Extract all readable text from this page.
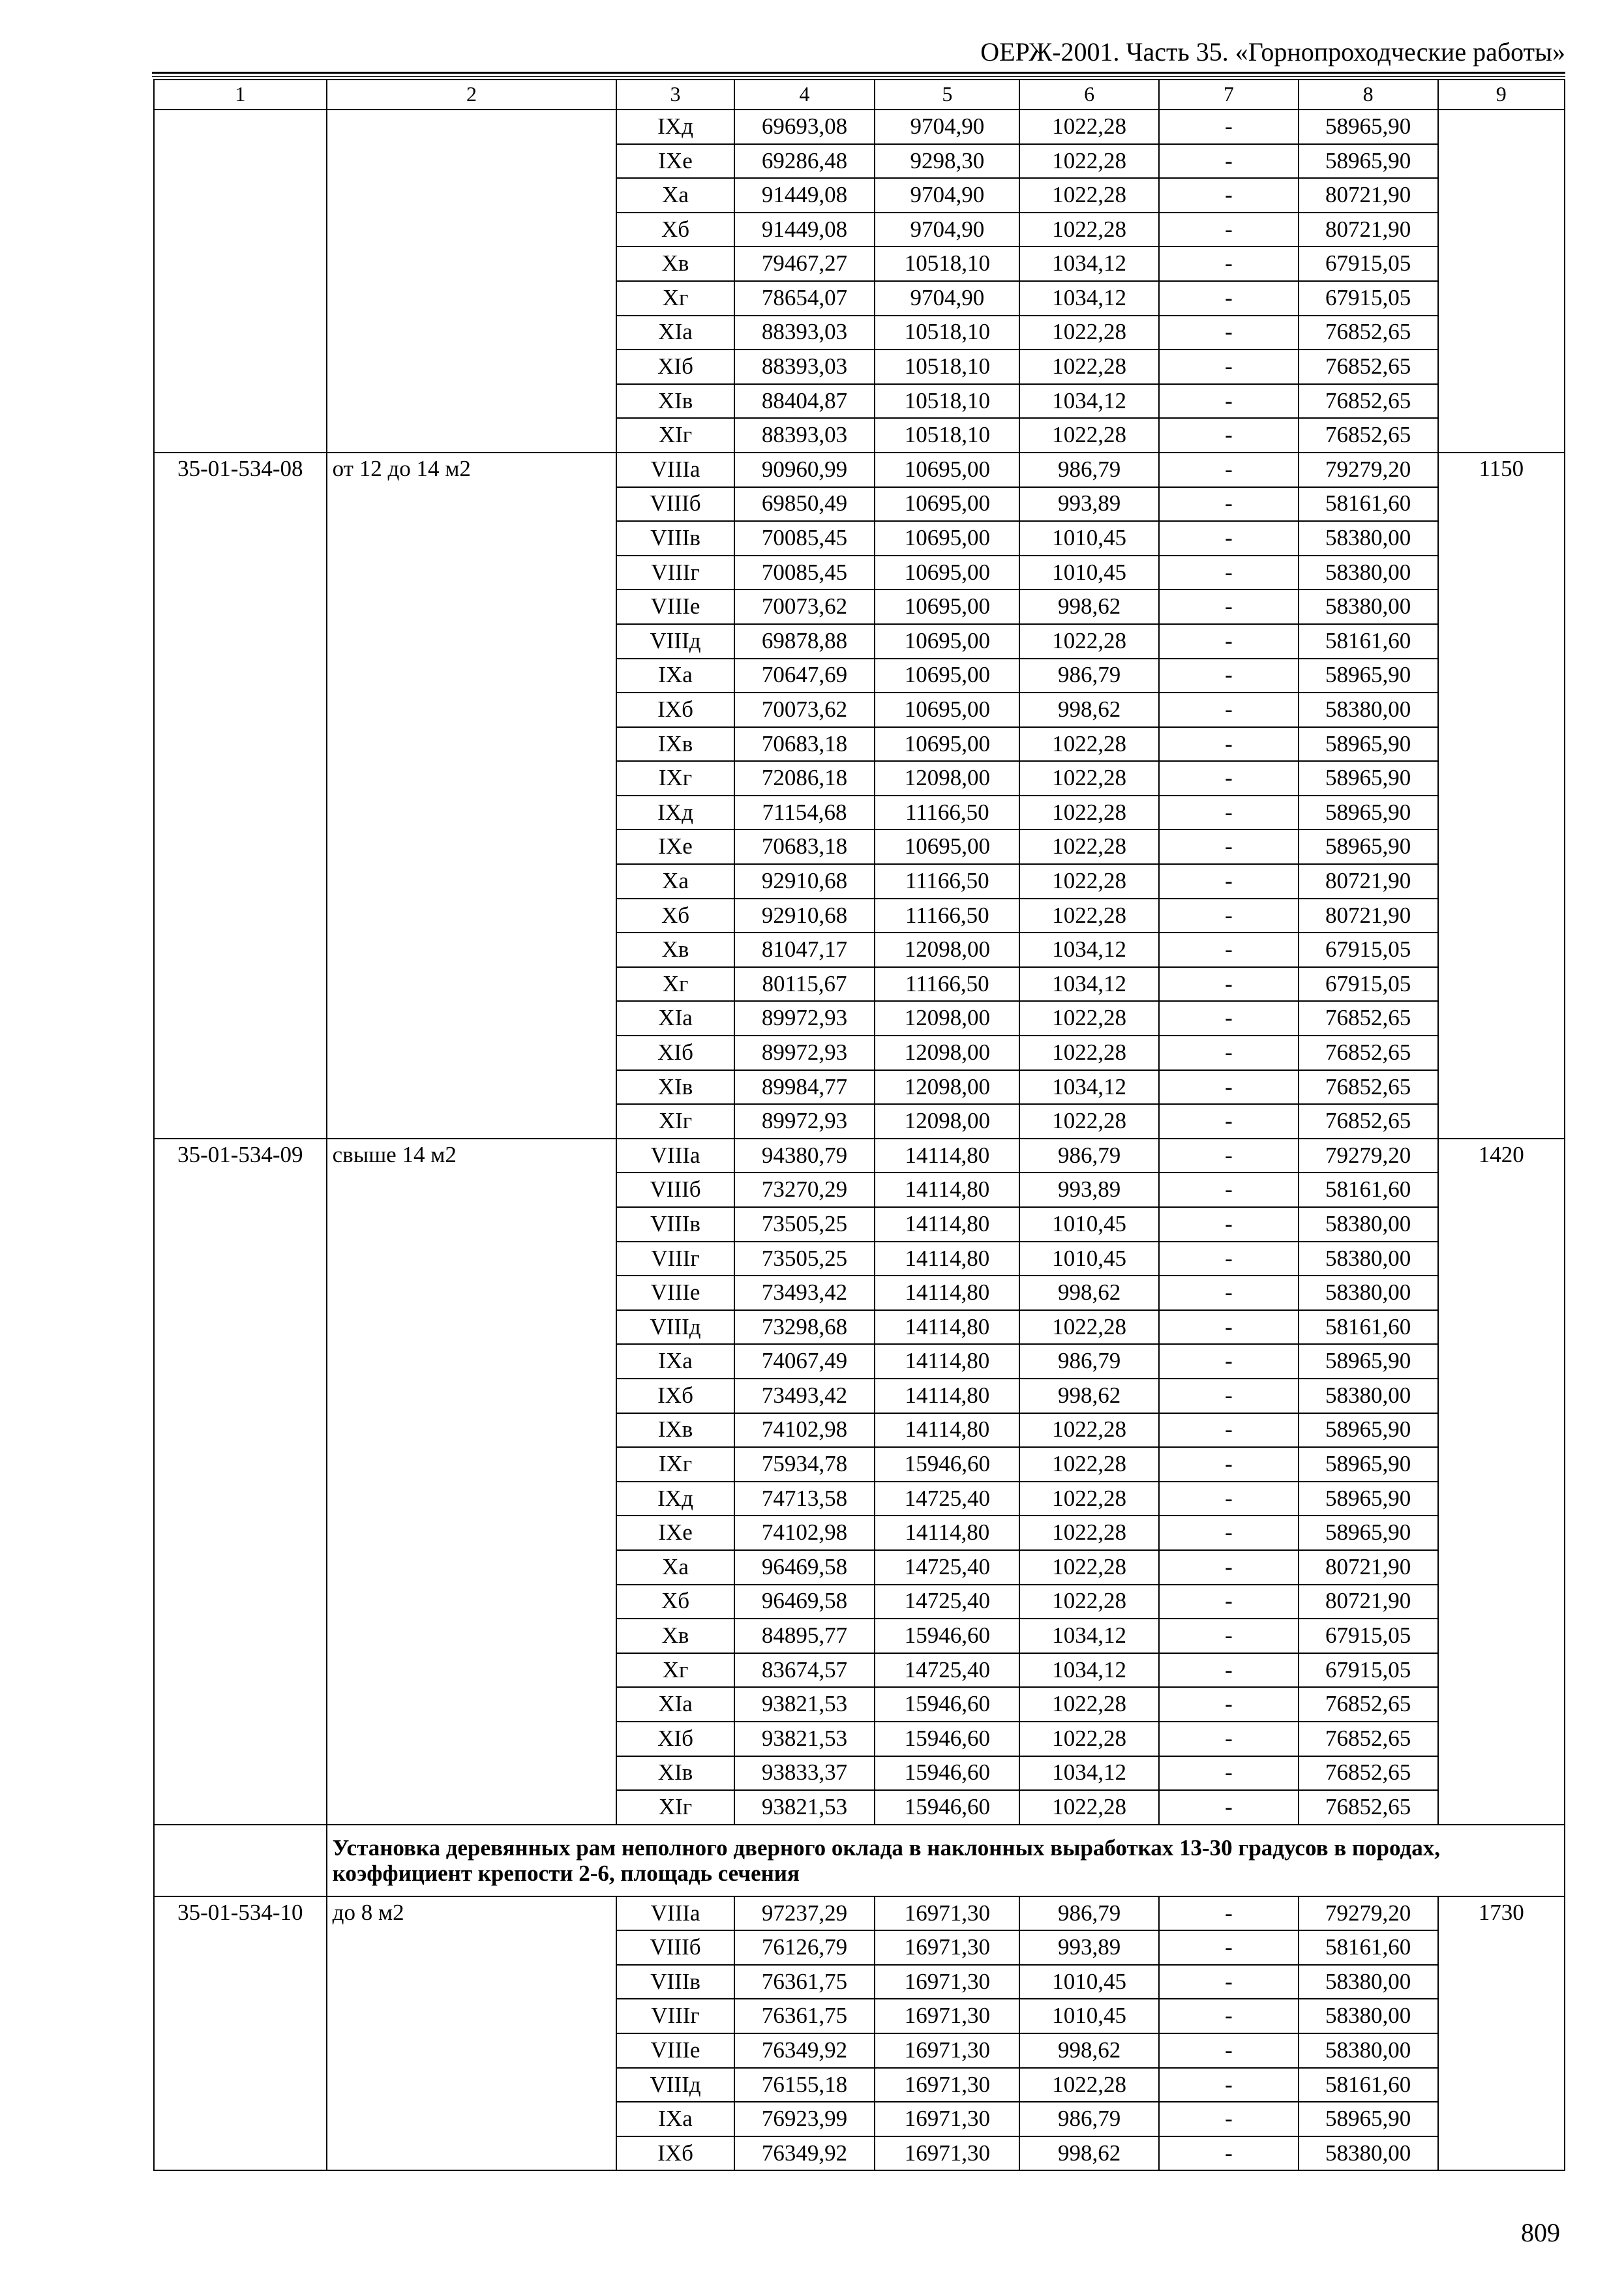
ОЕРЖ-2001. Часть 35. «Горнопроходческие работы»
1	2	3	4	5	6	7	8	9
		IXд	69693,08	9704,90	1022,28	-	58965,90	
		IXе	69286,48	9298,30	1022,28	-	58965,90	
		Xа	91449,08	9704,90	1022,28	-	80721,90	
		Xб	91449,08	9704,90	1022,28	-	80721,90	
		Xв	79467,27	10518,10	1034,12	-	67915,05	
		Xг	78654,07	9704,90	1034,12	-	67915,05	
		XIа	88393,03	10518,10	1022,28	-	76852,65	
		XIб	88393,03	10518,10	1022,28	-	76852,65	
		XIв	88404,87	10518,10	1034,12	-	76852,65	
		XIг	88393,03	10518,10	1022,28	-	76852,65	
35-01-534-08	от 12 до 14 м2	VIIIа	90960,99	10695,00	986,79	-	79279,20	1150
		VIIIб	69850,49	10695,00	993,89	-	58161,60	
		VIIIв	70085,45	10695,00	1010,45	-	58380,00	
		VIIIг	70085,45	10695,00	1010,45	-	58380,00	
		VIIIе	70073,62	10695,00	998,62	-	58380,00	
		VIIIд	69878,88	10695,00	1022,28	-	58161,60	
		IXа	70647,69	10695,00	986,79	-	58965,90	
		IXб	70073,62	10695,00	998,62	-	58380,00	
		IXв	70683,18	10695,00	1022,28	-	58965,90	
		IXг	72086,18	12098,00	1022,28	-	58965,90	
		IXд	71154,68	11166,50	1022,28	-	58965,90	
		IXе	70683,18	10695,00	1022,28	-	58965,90	
		Xа	92910,68	11166,50	1022,28	-	80721,90	
		Xб	92910,68	11166,50	1022,28	-	80721,90	
		Xв	81047,17	12098,00	1034,12	-	67915,05	
		Xг	80115,67	11166,50	1034,12	-	67915,05	
		XIа	89972,93	12098,00	1022,28	-	76852,65	
		XIб	89972,93	12098,00	1022,28	-	76852,65	
		XIв	89984,77	12098,00	1034,12	-	76852,65	
		XIг	89972,93	12098,00	1022,28	-	76852,65	
35-01-534-09	свыше 14 м2	VIIIа	94380,79	14114,80	986,79	-	79279,20	1420
		VIIIб	73270,29	14114,80	993,89	-	58161,60	
		VIIIв	73505,25	14114,80	1010,45	-	58380,00	
		VIIIг	73505,25	14114,80	1010,45	-	58380,00	
		VIIIе	73493,42	14114,80	998,62	-	58380,00	
		VIIIд	73298,68	14114,80	1022,28	-	58161,60	
		IXа	74067,49	14114,80	986,79	-	58965,90	
		IXб	73493,42	14114,80	998,62	-	58380,00	
		IXв	74102,98	14114,80	1022,28	-	58965,90	
		IXг	75934,78	15946,60	1022,28	-	58965,90	
		IXд	74713,58	14725,40	1022,28	-	58965,90	
		IXе	74102,98	14114,80	1022,28	-	58965,90	
		Xа	96469,58	14725,40	1022,28	-	80721,90	
		Xб	96469,58	14725,40	1022,28	-	80721,90	
		Xв	84895,77	15946,60	1034,12	-	67915,05	
		Xг	83674,57	14725,40	1034,12	-	67915,05	
		XIа	93821,53	15946,60	1022,28	-	76852,65	
		XIб	93821,53	15946,60	1022,28	-	76852,65	
		XIв	93833,37	15946,60	1034,12	-	76852,65	
		XIг	93821,53	15946,60	1022,28	-	76852,65	
	Установка деревянных рам неполного дверного оклада в наклонных выработках 13-30 градусов в породах, коэффициент крепости 2-6, площадь сечения							
35-01-534-10	до 8 м2	VIIIа	97237,29	16971,30	986,79	-	79279,20	1730
		VIIIб	76126,79	16971,30	993,89	-	58161,60	
		VIIIв	76361,75	16971,30	1010,45	-	58380,00	
		VIIIг	76361,75	16971,30	1010,45	-	58380,00	
		VIIIе	76349,92	16971,30	998,62	-	58380,00	
		VIIIд	76155,18	16971,30	1022,28	-	58161,60	
		IXа	76923,99	16971,30	986,79	-	58965,90	
		IXб	76349,92	16971,30	998,62	-	58380,00	
809
